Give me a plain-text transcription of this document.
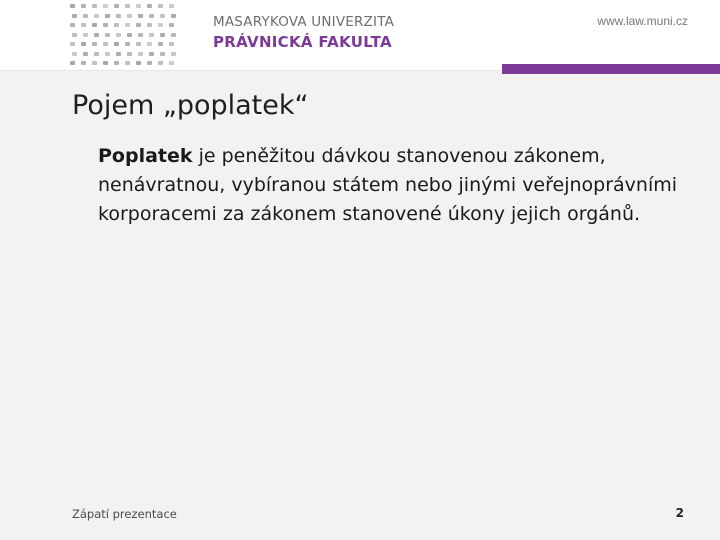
MASARYKOVA UNIVERZITA
PRÁVNICKÁ FAKULTA
www.law.muni.cz
Pojem „poplatek“

Poplatek je peněžitou dávkou stanovenou zákonem, nenávratnou, vybíranou státem nebo jinými veřejnoprávními korporacemi za zákonem stanovené úkony jejich orgánů.

Zápatí prezentace	2
